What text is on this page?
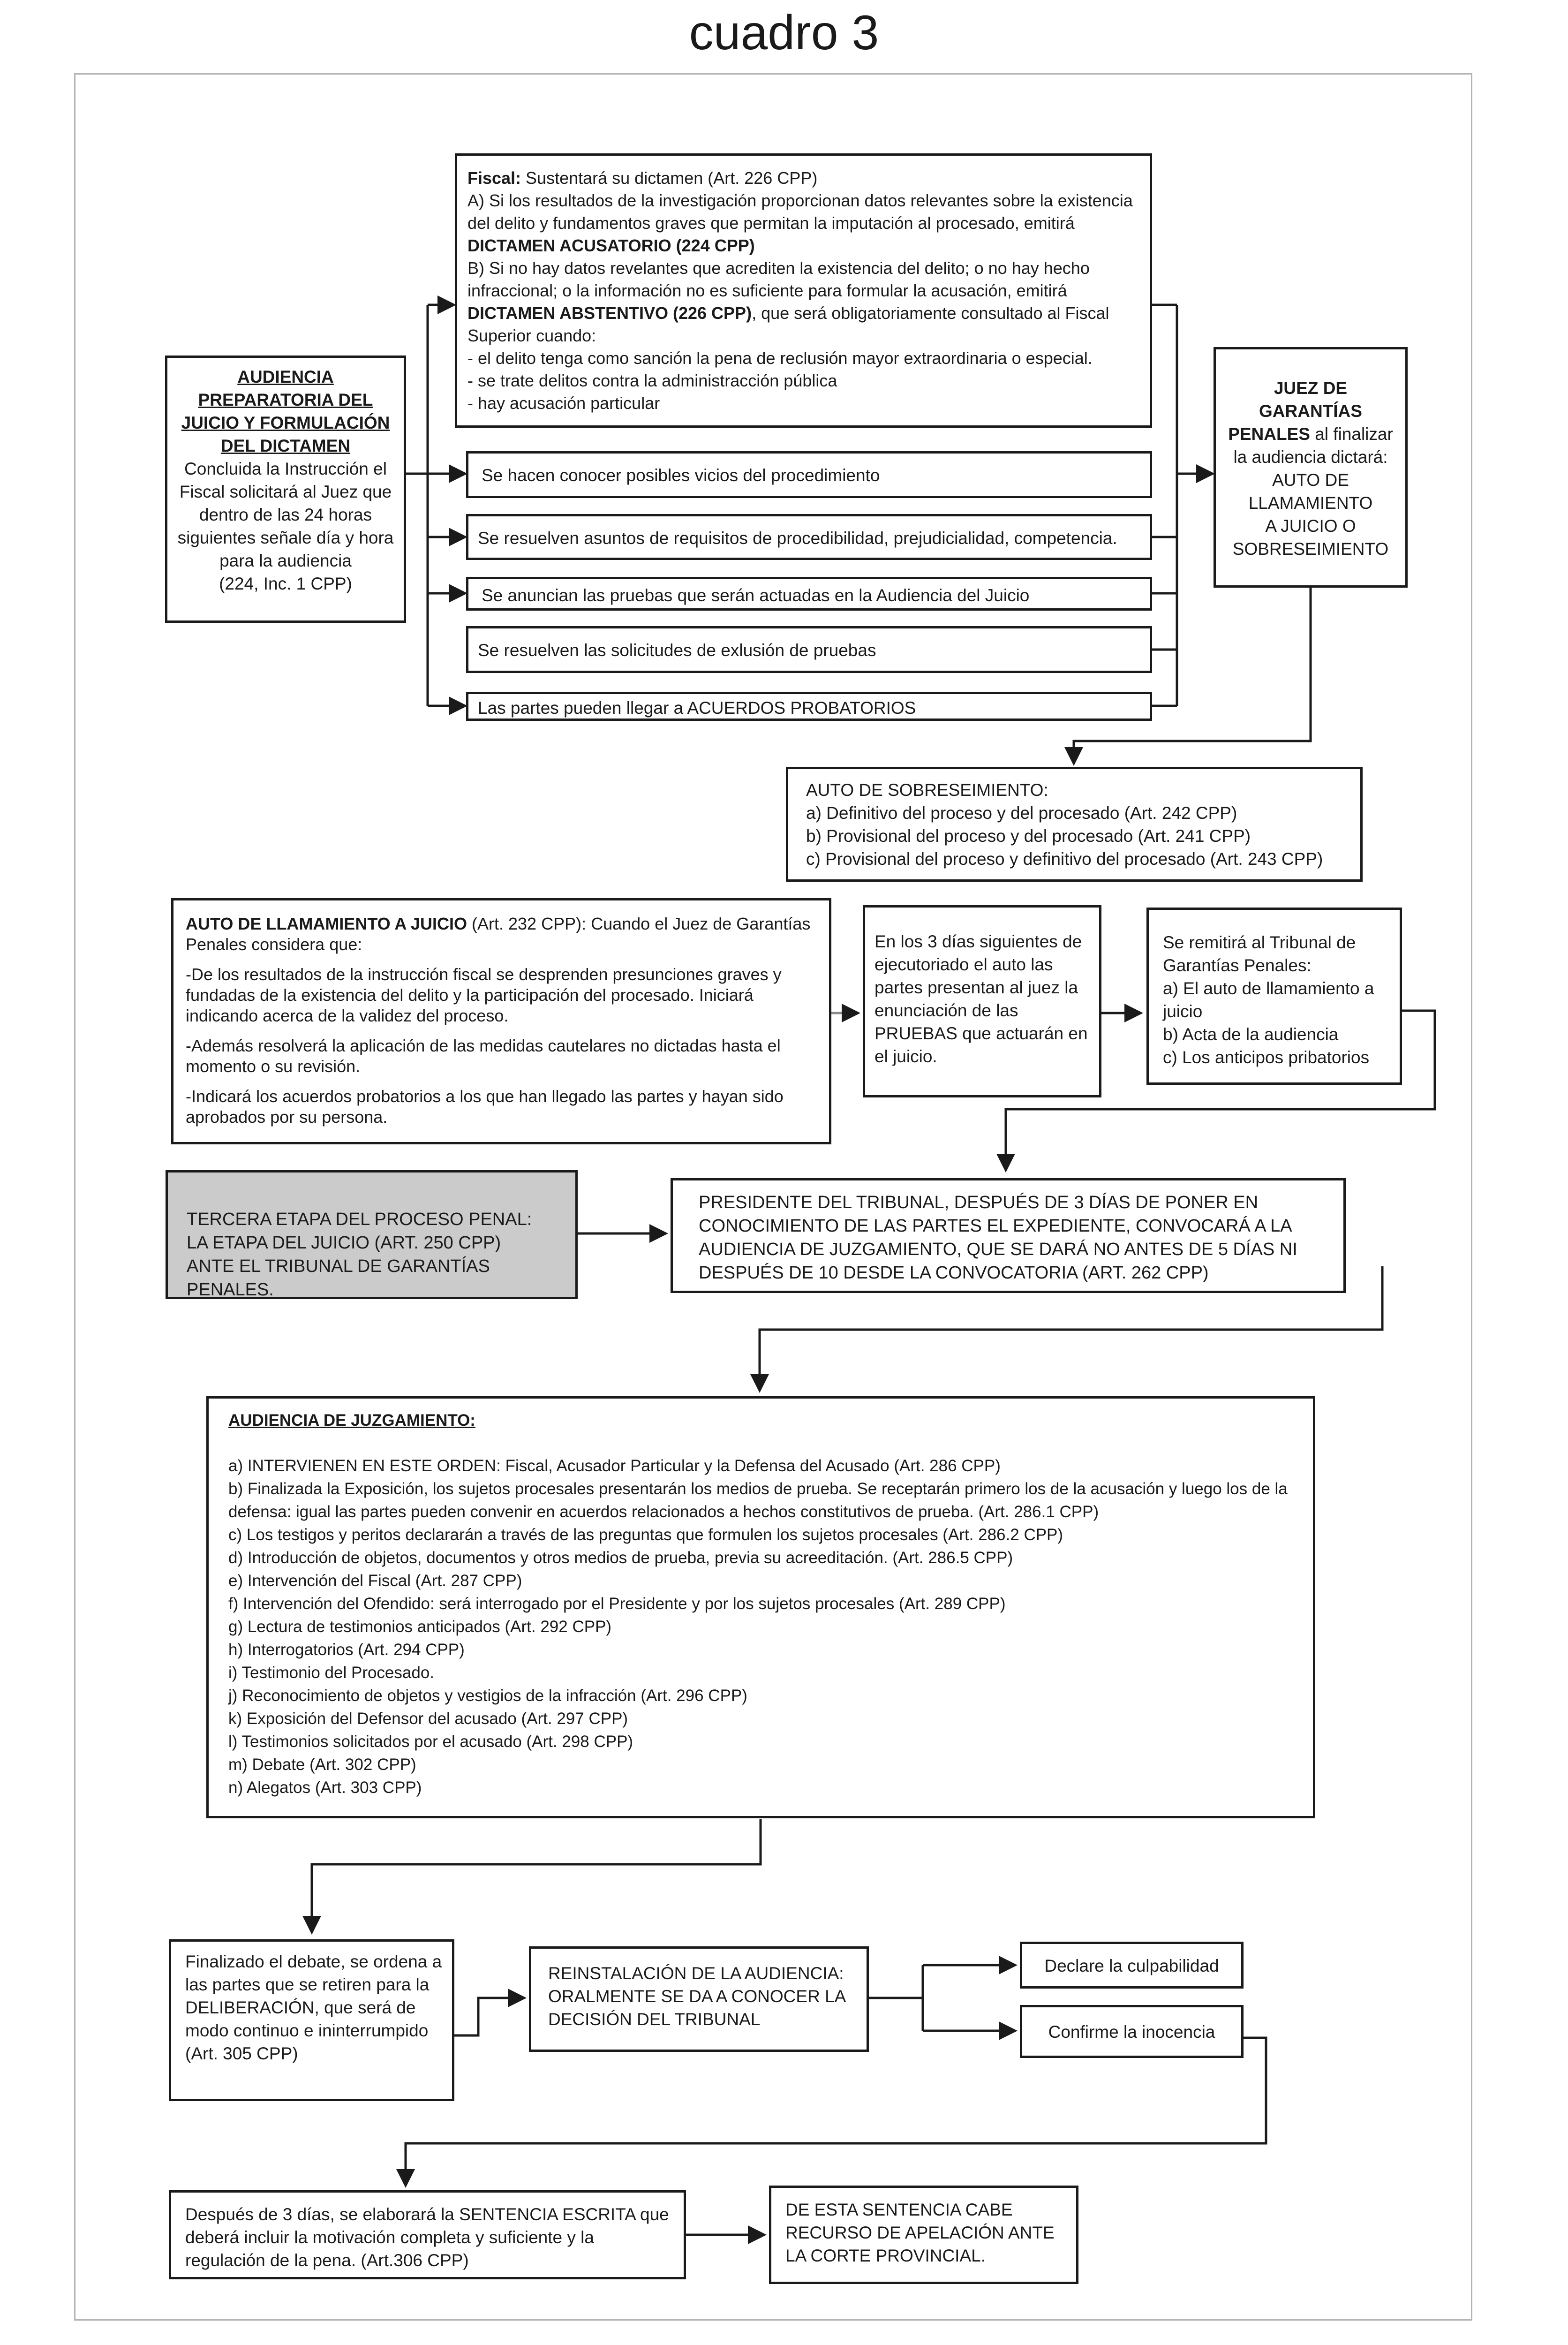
cuadro 3
AUDIENCIA PREPARATORIA DEL JUICIO Y FORMULACIÓN DEL DICTAMEN
Concluida la Instrucción el Fiscal solicitará al Juez que dentro de las 24 horas siguientes señale día y hora para la audiencia
(224, Inc. 1 CPP)
Fiscal: Sustentará su dictamen (Art. 226 CPP)
A) Si los resultados de la investigación proporcionan datos relevantes sobre la existencia del delito y fundamentos graves que permitan la imputación al procesado, emitirá DICTAMEN ACUSATORIO (224 CPP)
B) Si no hay datos revelantes que acrediten la existencia del delito; o no hay hecho infraccional; o la información no es suficiente para formular la acusación, emitirá DICTAMEN ABSTENTIVO (226 CPP), que será obligatoriamente consultado al Fiscal Superior cuando:

- el delito tenga como sanción la pena de reclusión mayor extraordinaria o especial.
- se trate delitos contra la administracción pública
- hay acusación particular
Se hacen conocer posibles vicios del procedimiento
Se resuelven asuntos de requisitos de procedibilidad, prejudicialidad, competencia.
Se anuncian las pruebas que serán actuadas en la Audiencia del Juicio
Se resuelven las solicitudes de exlusión de pruebas
Las partes pueden llegar a ACUERDOS PROBATORIOS
JUEZ DE GARANTÍAS PENALES al finalizar la audiencia dictará:
AUTO DE LLAMAMIENTO
A JUICIO O
SOBRESEIMIENTO
AUTO DE SOBRESEIMIENTO:
a) Definitivo del proceso y del procesado (Art. 242 CPP)
b) Provisional del proceso y del procesado (Art. 241 CPP)
c) Provisional del proceso y definitivo del procesado (Art. 243 CPP)
AUTO DE LLAMAMIENTO A JUICIO (Art. 232 CPP): Cuando el Juez de Garantías Penales considera que:
-De los resultados de la instrucción fiscal se desprenden presunciones graves y fundadas de la existencia del delito y la participación del procesado. Iniciará indicando acerca de la validez del proceso.
-Además resolverá la aplicación de las medidas cautelares no dictadas hasta el momento o su revisión.
-Indicará los acuerdos probatorios a los que han llegado las partes y hayan sido aprobados por su persona.
En los 3 días siguientes de ejecutoriado el auto las partes presentan al juez la enunciación de las PRUEBAS que actuarán en el juicio.
Se remitirá al Tribunal de Garantías Penales:
a) El auto de llamamiento a juicio
b) Acta de la audiencia
c) Los anticipos pribatorios
TERCERA ETAPA DEL PROCESO PENAL:
LA ETAPA DEL JUICIO (ART. 250 CPP)
ANTE EL TRIBUNAL DE GARANTÍAS PENALES.
PRESIDENTE DEL TRIBUNAL, DESPUÉS DE 3 DÍAS DE PONER EN CONOCIMIENTO DE LAS PARTES EL EXPEDIENTE, CONVOCARÁ A LA AUDIENCIA DE JUZGAMIENTO, QUE SE DARÁ NO ANTES DE 5 DÍAS NI DESPUÉS DE 10 DESDE LA CONVOCATORIA (ART. 262 CPP)
AUDIENCIA DE JUZGAMIENTO:
a) INTERVIENEN EN ESTE ORDEN: Fiscal, Acusador Particular y la Defensa del Acusado (Art. 286 CPP)
b) Finalizada la Exposición, los sujetos procesales presentarán los medios de prueba. Se receptarán primero los de la acusación y luego los de la defensa: igual las partes pueden convenir en acuerdos relacionados a hechos constitutivos de prueba. (Art. 286.1 CPP)
c) Los testigos y peritos declararán a través de las preguntas que formulen los sujetos procesales (Art. 286.2 CPP)
d) Introducción de objetos, documentos y otros medios de prueba, previa su acreeditación. (Art. 286.5 CPP)
e) Intervención del Fiscal (Art. 287 CPP)
f) Intervención del Ofendido: será interrogado por el Presidente y por los sujetos procesales (Art. 289 CPP)
g) Lectura de testimonios anticipados (Art. 292 CPP)
h) Interrogatorios (Art. 294 CPP)
i) Testimonio del Procesado.
j) Reconocimiento de objetos y vestigios de la infracción (Art. 296 CPP)
k) Exposición del Defensor del acusado (Art. 297 CPP)
l) Testimonios solicitados por el acusado (Art. 298 CPP)
m) Debate (Art. 302 CPP)
n) Alegatos (Art. 303 CPP)
Finalizado el debate, se ordena a las partes que se retiren para la DELIBERACIÓN, que será de modo continuo e ininterrumpido (Art. 305 CPP)
REINSTALACIÓN DE LA AUDIENCIA: ORALMENTE SE DA A CONOCER LA DECISIÓN DEL TRIBUNAL
Declare la culpabilidad
Confirme la inocencia
Después de 3 días, se elaborará la SENTENCIA ESCRITA que deberá incluir la motivación completa y suficiente y la regulación de la pena. (Art.306 CPP)
DE ESTA SENTENCIA CABE RECURSO DE APELACIÓN ANTE LA CORTE PROVINCIAL.
